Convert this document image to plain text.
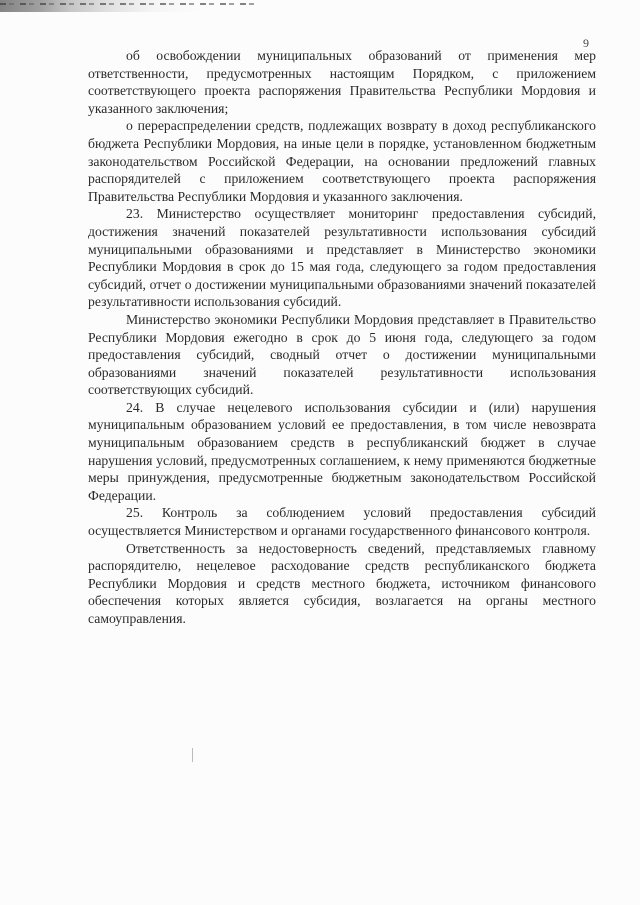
9

об освобождении муниципальных образований от применения мер ответственности, предусмотренных настоящим Порядком, с приложением соответствующего проекта распоряжения Правительства Республики Мордовия и указанного заключения;

о перераспределении средств, подлежащих возврату в доход республиканского бюджета Республики Мордовия, на иные цели в порядке, установленном бюджетным законодательством Российской Федерации, на основании предложений главных распорядителей с приложением соответствующего проекта распоряжения Правительства Республики Мордовия и указанного заключения.

23. Министерство осуществляет мониторинг предоставления субсидий, достижения значений показателей результативности использования субсидий муниципальными образованиями и представляет в Министерство экономики Республики Мордовия в срок до 15 мая года, следующего за годом предоставления субсидий, отчет о достижении муниципальными образованиями значений показателей результативности использования субсидий.

Министерство экономики Республики Мордовия представляет в Правительство Республики Мордовия ежегодно в срок до 5 июня года, следующего за годом предоставления субсидий, сводный отчет о достижении муниципальными образованиями значений показателей результативности использования соответствующих субсидий.

24. В случае нецелевого использования субсидии и (или) нарушения муниципальным образованием условий ее предоставления, в том числе невозврата муниципальным образованием средств в республиканский бюджет в случае нарушения условий, предусмотренных соглашением, к нему применяются бюджетные меры принуждения, предусмотренные бюджетным законодательством Российской Федерации.

25. Контроль за соблюдением условий предоставления субсидий осуществляется Министерством и органами государственного финансового контроля.

Ответственность за недостоверность сведений, представляемых главному распорядителю, нецелевое расходование средств республиканского бюджета Республики Мордовия и средств местного бюджета, источником финансового обеспечения которых является субсидия, возлагается на органы местного самоуправления.
